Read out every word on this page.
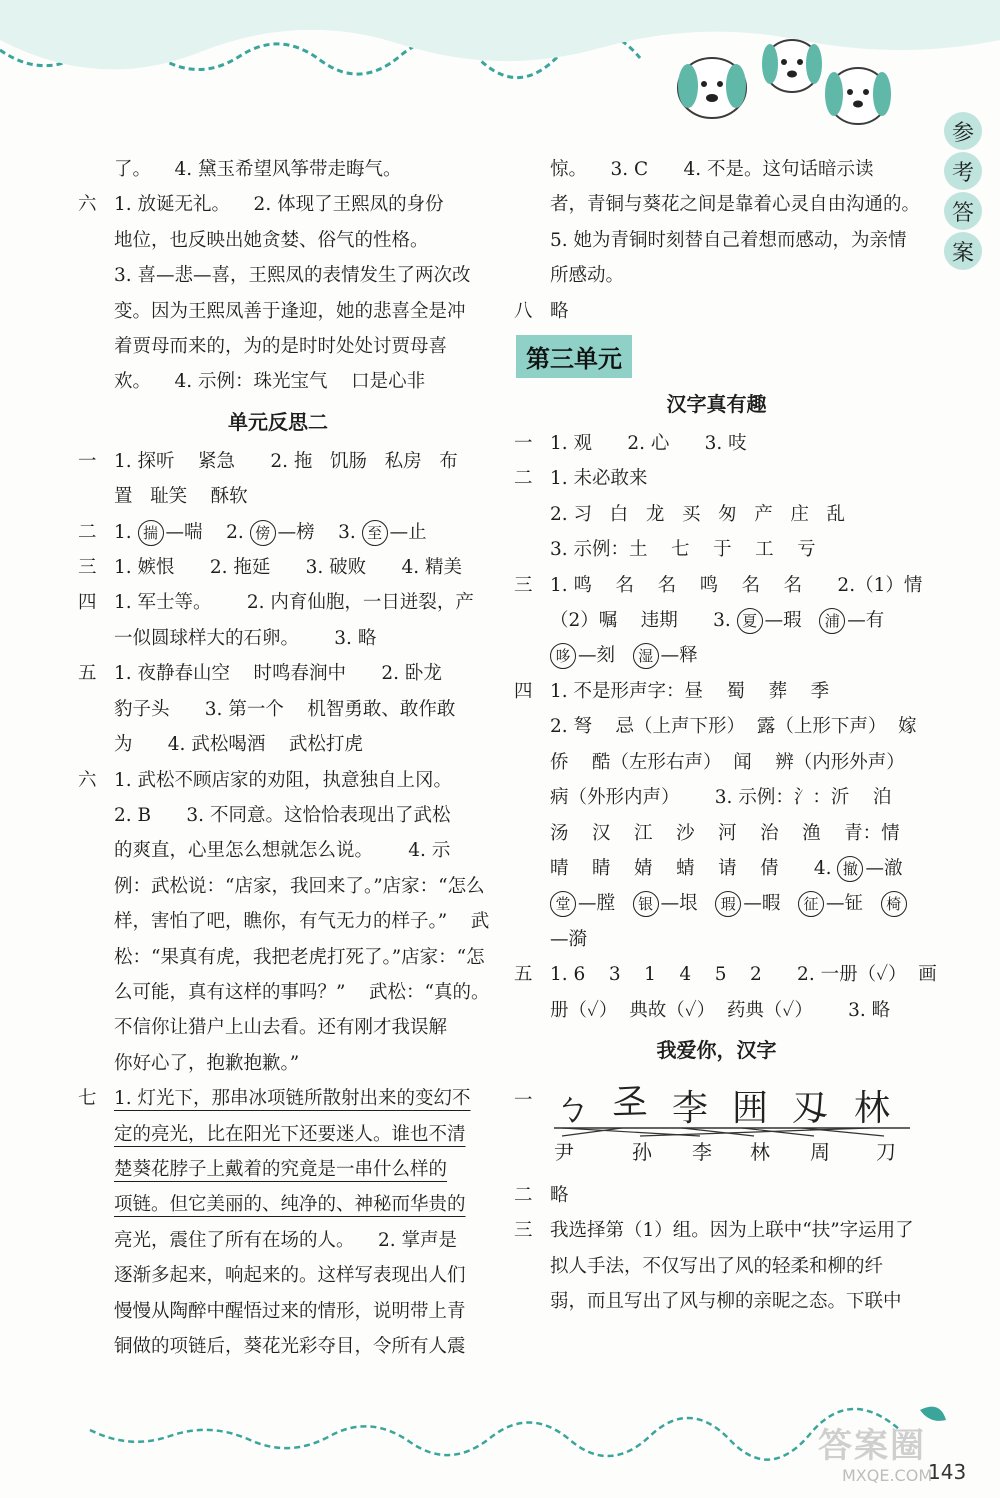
参
考
答
案
了。    4. 黛玉希望风筝带走晦气。
六 1. 放诞无礼。    2. 体现了王熙凤的身份
地位，也反映出她贪婪、俗气的性格。
3. 喜—悲—喜，王熙凤的表情发生了两次改
变。因为王熙凤善于逢迎，她的悲喜全是冲
着贾母而来的，为的是时时处处讨贾母喜
欢。    4. 示例：珠光宝气    口是心非
单元反思二
一 1. 探听    紧急      2. 拖   饥肠   私房   布
置   耻笑    酥软
二 1. 揣 —喘    2. 傍 —榜    3. 至 —止
三 1. 嫉恨      2. 拖延      3. 破败      4. 精美
四 1. 军士等。      2. 内育仙胞，一日迸裂，产
一似圆球样大的石卵。      3. 略
五 1. 夜静春山空    时鸣春涧中      2. 卧龙
豹子头      3. 第一个    机智勇敢、敢作敢
为      4. 武松喝酒    武松打虎
六 1. 武松不顾店家的劝阻，执意独自上冈。
2. B      3. 不同意。这恰恰表现出了武松
的爽直，心里怎么想就怎么说。      4. 示
例：武松说：“店家，我回来了。”店家：“怎么
样，害怕了吧，瞧你，有气无力的样子。”    武
松：“果真有虎，我把老虎打死了。”店家：“怎
么可能，真有这样的事吗？”    武松：“真的。
不信你让猎户上山去看。还有刚才我误解
你好心了，抱歉抱歉。”
七 1. 灯光下，那串冰项链所散射出来的变幻不
定的亮光，比在阳光下还要迷人。谁也不清
楚葵花脖子上戴着的究竟是一串什么样的
项链。但它美丽的、纯净的、神秘而华贵的
亮光，震住了所有在场的人。    2. 掌声是
逐渐多起来，响起来的。这样写表现出人们
慢慢从陶醉中醒悟过来的情形，说明带上青
铜做的项链后，葵花光彩夺目，令所有人震
惊。    3. C      4. 不是。这句话暗示读
者，青铜与葵花之间是靠着心灵自由沟通的。
5. 她为青铜时刻替自己着想而感动，为亲情
所感动。
八 略
第三单元
汉字真有趣
一 1. 观      2. 心      3. 吱
二 1. 未必敢来
2. 习   白   龙   买   匆   产   庄   乱
3. 示例：土    七    于    工    亏
三 1. 鸣    名    名    鸣    名    名      2.（1）情
（2）嘱    违期      3. 夏 —瑕   浦 —有
哆 —刻   湿 —释
四 1. 不是形声字：昼    蜀    葬    季
2. 弩    忌（上声下形）  露（上形下声）  嫁
侨    酷（左形右声）  闻    辨（内形外声）
病（外形内声）      3. 示例：氵：沂    泊
汤    汉    江    沙    河    治    渔    青：情
晴    睛    婧    蜻    请    倩      4. 撤 —澈
堂 —膛   银 —垠   瑕 —暇   征 —钲   椅
—漪
五 1. 6    3    1    4    5    2      2. 一册（✓）  画
册（✓）  典故（✓）  药典（✓）      3. 略
我爱你，汉字
一 ㄅ 𢀖 李 囲 刄 林
尹	孙 李 林 周 刀
二 略
三 我选择第（1）组。因为上联中“扶”字运用了
拟人手法，不仅写出了风的轻柔和柳的纤
弱，而且写出了风与柳的亲昵之态。下联中
143
答案圈
MXQE.COM
